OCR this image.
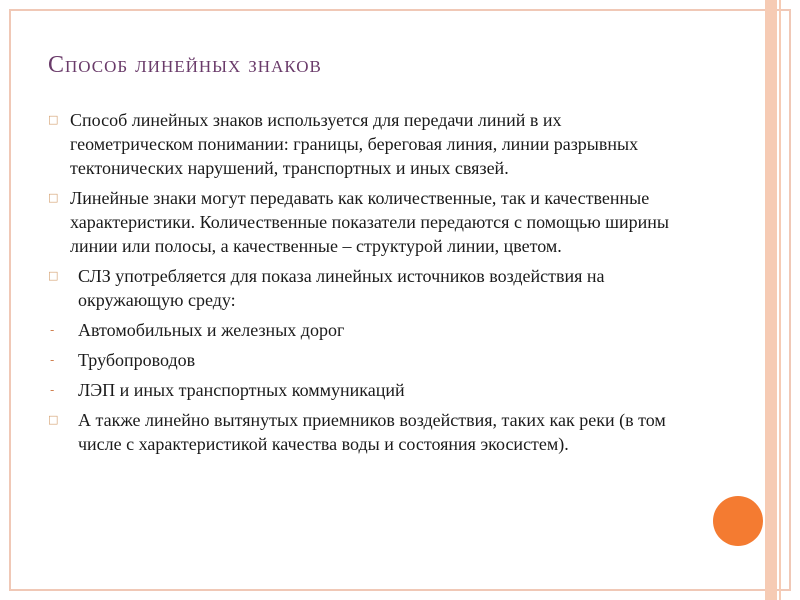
Способ линейных знаков
□ Способ линейных знаков используется для передачи линий в их геометрическом понимании: границы, береговая линия, линии разрывных тектонических нарушений, транспортных и иных связей.
□ Линейные знаки могут передавать как количественные, так и качественные характеристики. Количественные показатели передаются с помощью ширины линии или полосы, а качественные – структурой линии, цветом.
□	СЛЗ употребляется для показа линейных источников воздействия на окружающую среду:
-	Автомобильных и железных дорог
-	Трубопроводов
-	ЛЭП и иных транспортных коммуникаций
□	А также линейно вытянутых приемников воздействия, таких как реки (в том числе с характеристикой качества воды и состояния экосистем).
